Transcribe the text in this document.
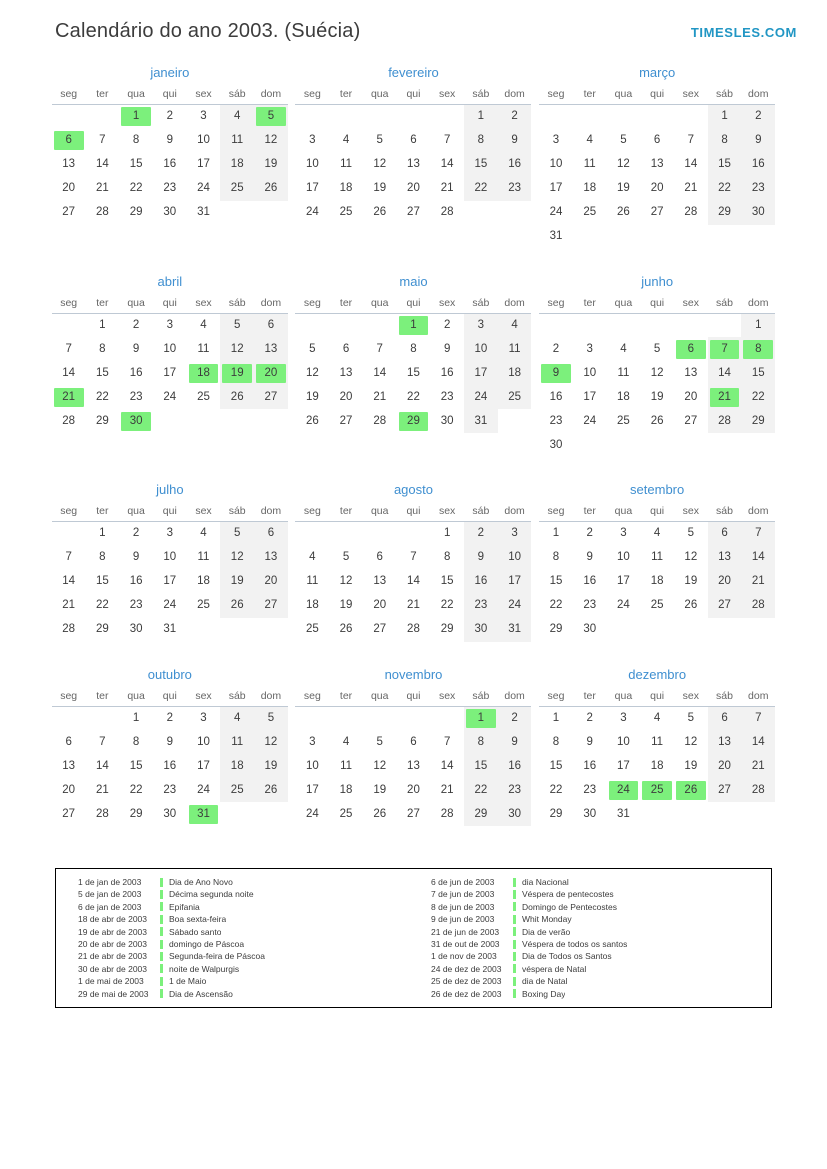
Calendário do ano 2003. (Suécia)	TIMESLES.COM
janeiro
seg	ter	qua	qui	sex	sáb	dom

		1	2	3	4	5

6	7	8	9	10	11	12

13	14	15	16	17	18	19

20	21	22	23	24	25	26

27	28	29	30	31		

fevereiro
seg	ter	qua	qui	sex	sáb	dom

					1	2

3	4	5	6	7	8	9

10	11	12	13	14	15	16

17	18	19	20	21	22	23

24	25	26	27	28		

março
seg	ter	qua	qui	sex	sáb	dom

					1	2

3	4	5	6	7	8	9

10	11	12	13	14	15	16

17	18	19	20	21	22	23

24	25	26	27	28	29	30

31						

abril
seg	ter	qua	qui	sex	sáb	dom

	1	2	3	4	5	6

7	8	9	10	11	12	13

14	15	16	17	18	19	20

21	22	23	24	25	26	27

28	29	30				

maio
seg	ter	qua	qui	sex	sáb	dom

			1	2	3	4

5	6	7	8	9	10	11

12	13	14	15	16	17	18

19	20	21	22	23	24	25

26	27	28	29	30	31	

junho
seg	ter	qua	qui	sex	sáb	dom

						1

2	3	4	5	6	7	8

9	10	11	12	13	14	15

16	17	18	19	20	21	22

23	24	25	26	27	28	29

30						

julho
seg	ter	qua	qui	sex	sáb	dom

	1	2	3	4	5	6

7	8	9	10	11	12	13

14	15	16	17	18	19	20

21	22	23	24	25	26	27

28	29	30	31			

agosto
seg	ter	qua	qui	sex	sáb	dom

				1	2	3

4	5	6	7	8	9	10

11	12	13	14	15	16	17

18	19	20	21	22	23	24

25	26	27	28	29	30	31
setembro
seg	ter	qua	qui	sex	sáb	dom

1	2	3	4	5	6	7

8	9	10	11	12	13	14

15	16	17	18	19	20	21

22	23	24	25	26	27	28

29	30					

outubro
seg	ter	qua	qui	sex	sáb	dom

		1	2	3	4	5

6	7	8	9	10	11	12

13	14	15	16	17	18	19

20	21	22	23	24	25	26

27	28	29	30	31		

novembro
seg	ter	qua	qui	sex	sáb	dom

					1	2

3	4	5	6	7	8	9

10	11	12	13	14	15	16

17	18	19	20	21	22	23

24	25	26	27	28	29	30
dezembro
seg	ter	qua	qui	sex	sáb	dom

1	2	3	4	5	6	7

8	9	10	11	12	13	14

15	16	17	18	19	20	21

22	23	24	25	26	27	28

29	30	31				

1 de jan de 2003	Dia de Ano Novo
5 de jan de 2003	Décima segunda noite
6 de jan de 2003	Epifania
18 de abr de 2003	Boa sexta-feira
19 de abr de 2003	Sábado santo
20 de abr de 2003	domingo de Páscoa
21 de abr de 2003	Segunda-feira de Páscoa
30 de abr de 2003	noite de Walpurgis
1 de mai de 2003	1 de Maio
29 de mai de 2003	Dia de Ascensão
6 de jun de 2003	dia Nacional
7 de jun de 2003	Véspera de pentecostes
8 de jun de 2003	Domingo de Pentecostes
9 de jun de 2003	Whit Monday
21 de jun de 2003	Dia de verão
31 de out de 2003	Véspera de todos os santos
1 de nov de 2003	Dia de Todos os Santos
24 de dez de 2003	véspera de Natal
25 de dez de 2003	dia de Natal
26 de dez de 2003	Boxing Day
